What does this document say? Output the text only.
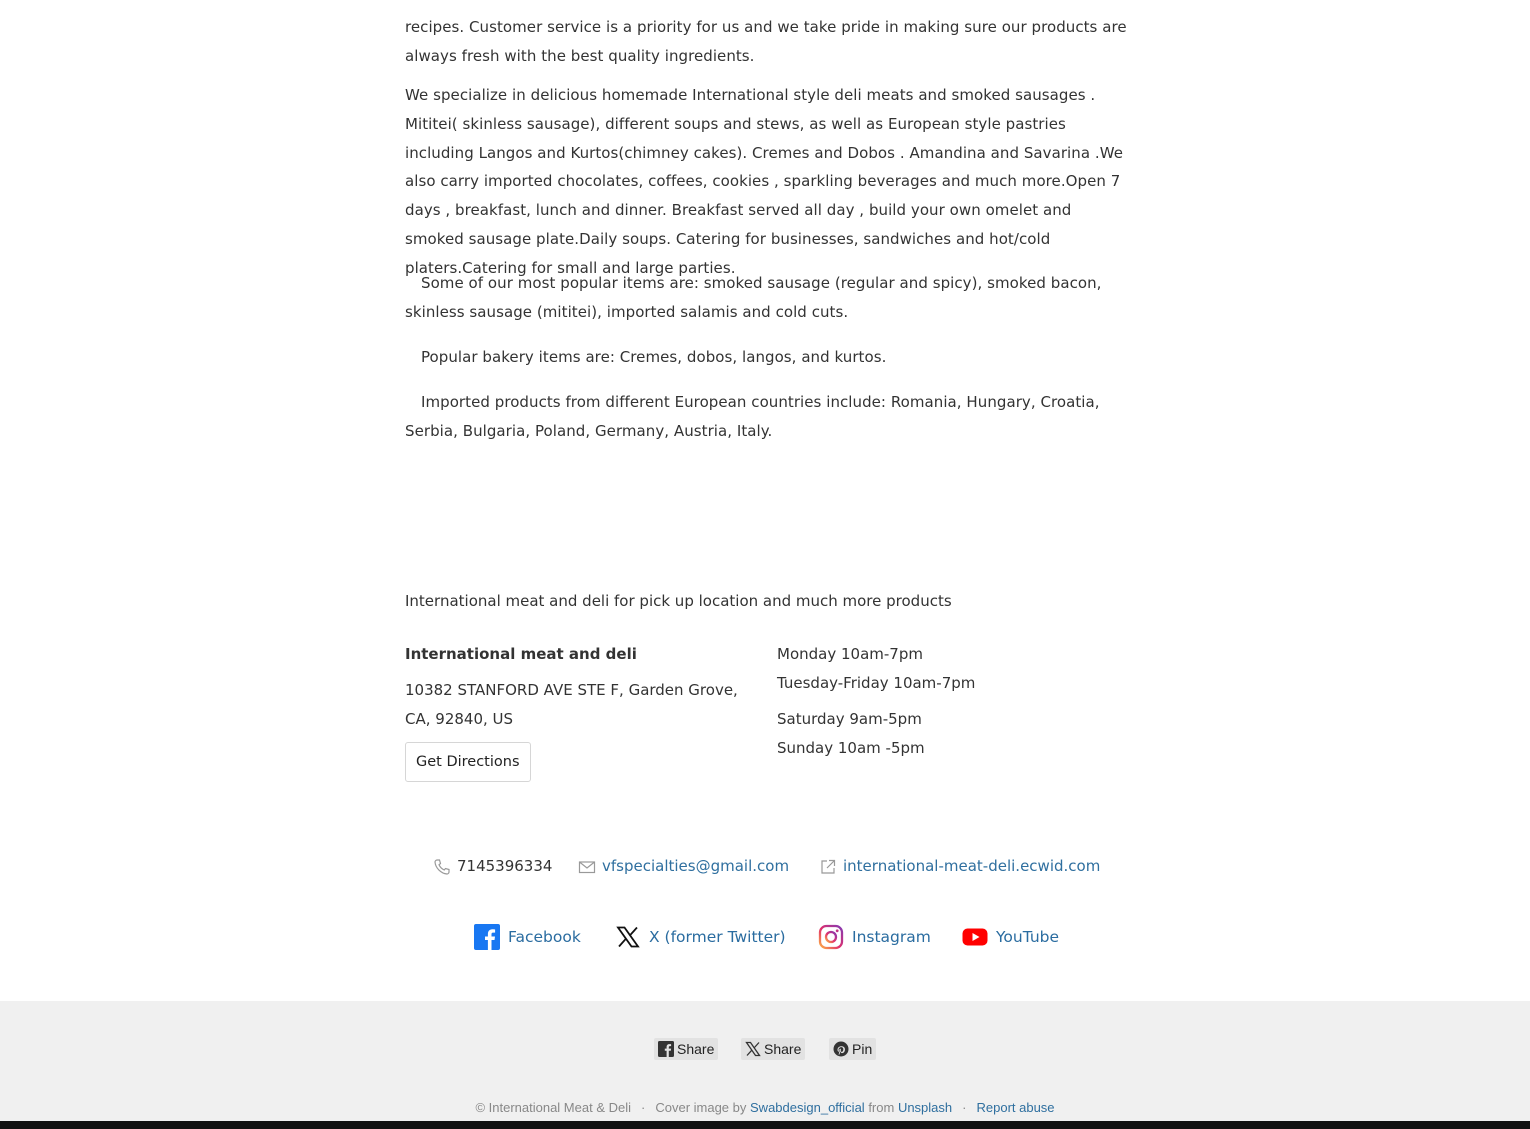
recipes. Customer service is a priority for us and we take pride in making sure our products are always fresh with the best quality ingredients.

We specialize in delicious homemade International style deli meats and smoked sausages . Mititei( skinless sausage), different soups and stews, as well as European style pastries including Langos and Kurtos(chimney cakes). Cremes and Dobos . Amandina and Savarina .We also carry imported chocolates, coffees, cookies , sparkling beverages and much more.Open 7 days , breakfast, lunch and dinner. Breakfast served all day , build your own omelet and smoked sausage plate.Daily soups. Catering for businesses, sandwiches and hot/cold platers.Catering for small and large parties.

Some of our most popular items are: smoked sausage (regular and spicy), smoked bacon, skinless sausage (mititei), imported salamis and cold cuts.

Popular bakery items are: Cremes, dobos, langos, and kurtos.

Imported products from different European countries include: Romania, Hungary, Croatia, Serbia, Bulgaria, Poland, Germany, Austria, Italy.

International meat and deli for pick up location and much more products
International meat and deli
10382 STANFORD AVE STE F, Garden Grove, CA, 92840, US
Get Directions
Monday 10am-7pm
Tuesday-Friday 10am-7pm
Saturday 9am-5pm
Sunday 10am -5pm
7145396334	vfspecialties@gmail.com	international-meat-deli.ecwid.com
Facebook	X (former Twitter)	Instagram	YouTube
Share	Share	Pin
© International Meat & Deli · Cover image by Swabdesign_official from Unsplash · Report abuse
